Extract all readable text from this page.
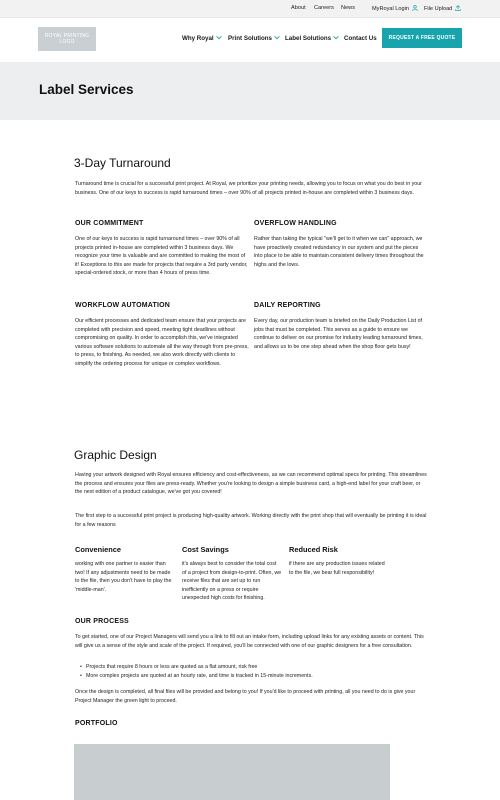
About Careers News	MyRoyal Login	File Upload
ROYAL PRINTING LOGO	Why Royal	Print Solutions	Label Solutions	Contact Us	REQUEST A FREE QUOTE
Label Services
3-Day Turnaround
Turnaround time is crucial for a successful print project. At Royal, we prioritize your printing needs, allowing you to focus on what you do best in your business. One of our keys to success is rapid turnaround times – over 90% of all projects printed in-house are completed within 3 business days.
OUR COMMITMENT
One of our keys to success is rapid turnaround times – over 90% of all projects printed in-house are completed within 3 business days. We recognize your time is valuable and are committed to making the most of it! Exceptions to this are made for projects that require a 3rd party vendor, special-ordered stock, or more than 4 hours of press time.
OVERFLOW HANDLING
Rather than taking the typical "we'll get to it when we can" approach, we have proactively created redundancy in our system and put the pieces into place to be able to maintain consistent delivery times throughout the highs and the lows.
WORKFLOW AUTOMATION
Our efficient processes and dedicated team ensure that your projects are completed with precision and speed, meeting tight deadlines without compromising on quality. In order to accomplish this, we've integrated various software solutions to automate all the way through from pre-press, to press, to finishing. As needed, we also work directly with clients to simplify the ordering process for unique or complex workflows.
DAILY REPORTING
Every day, our production team is briefed on the Daily Production List of jobs that must be completed. This serves as a guide to ensure we continue to deliver on our promise for industry leading turnaround times, and allows us to be one step ahead when the shop floor gets busy!
Graphic Design
Having your artwork designed with Royal ensures efficiency and cost-effectiveness, as we can recommend optimal specs for printing. This streamlines the process and ensures your files are press-ready. Whether you're looking to design a simple business card, a high-end label for your craft beer, or the next edition of a product catalogue, we've got you covered!
The first step to a successful print project is producing high-quality artwork. Working directly with the print shop that will eventually be printing it is ideal for a few reasons
Convenience
working with one partner is easier than two! If any adjustments need to be made to the file, then you don't have to play the 'middle-man'.
Cost Savings
it's always best to consider the total cost of a project from design-to-print. Often, we receive files that are set up to run inefficiently on a press or require unexpected high costs for finishing.
Reduced Risk
if there are any production issues related to the file, we bear full responsibility!
OUR PROCESS
To get started, one of our Project Managers will send you a link to fill out an intake form, including upload links for any existing assets or content. This will give us a sense of the style and scale of the project. If required, you'll be connected with one of our graphic designers for a free consultation.
• Projects that require 8 hours or less are quoted as a flat amount, risk free
• More complex projects are quoted at an hourly rate, and time is tracked in 15-minute increments.
Once the design is completed, all final files will be provided and belong to you! If you'd like to proceed with printing, all you need to do is give your Project Manager the green light to proceed.
PORTFOLIO
